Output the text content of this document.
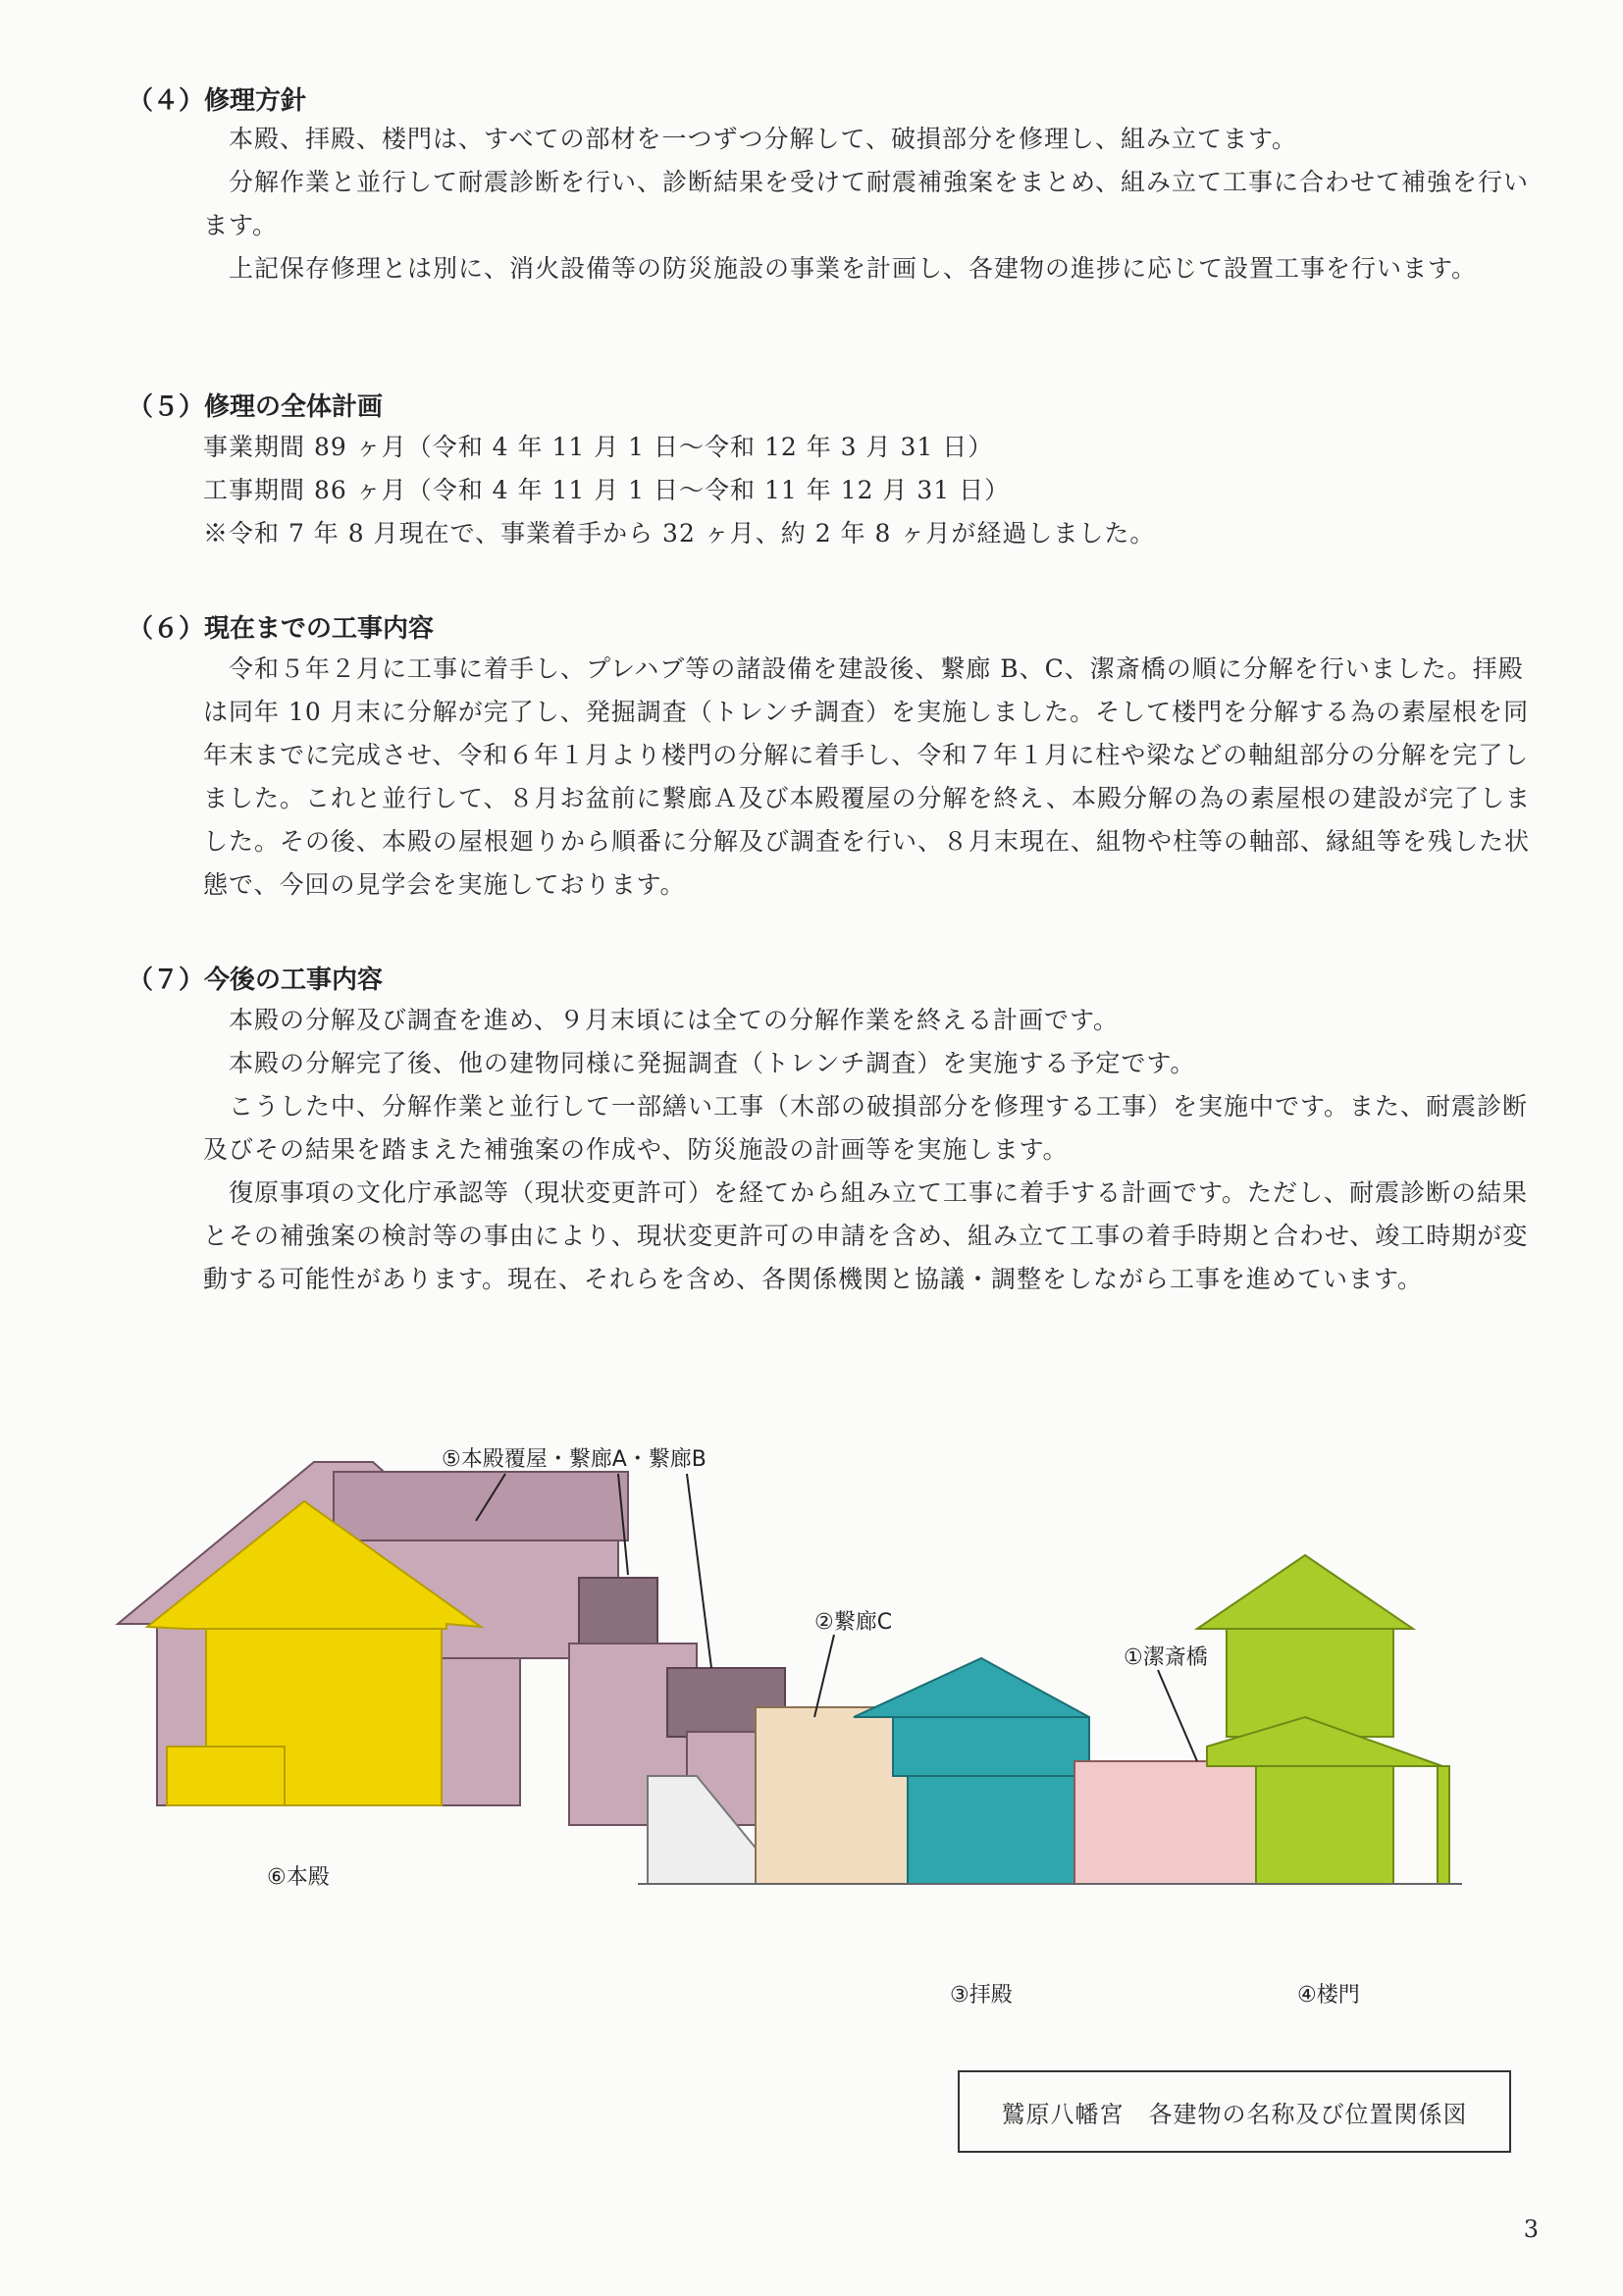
（４）修理方針

　本殿、拝殿、楼門は、すべての部材を一つずつ分解して、破損部分を修理し、組み立てます。

　分解作業と並行して耐震診断を行い、診断結果を受けて耐震補強案をまとめ、組み立て工事に合わせて補強を行います。

　上記保存修理とは別に、消火設備等の防災施設の事業を計画し、各建物の進捗に応じて設置工事を行います。

（５）修理の全体計画

事業期間 89 ヶ月（令和 4 年 11 月 1 日～令和 12 年 3 月 31 日）

工事期間 86 ヶ月（令和 4 年 11 月 1 日～令和 11 年 12 月 31 日）

※令和 7 年 8 月現在で、事業着手から 32 ヶ月、約 2 年 8 ヶ月が経過しました。

（６）現在までの工事内容

　令和５年２月に工事に着手し、プレハブ等の諸設備を建設後、繋廊 B、C、潔斎橋の順に分解を行いました。拝殿は同年 10 月末に分解が完了し、発掘調査（トレンチ調査）を実施しました。そして楼門を分解する為の素屋根を同年末までに完成させ、令和６年１月より楼門の分解に着手し、令和７年１月に柱や梁などの軸組部分の分解を完了しました。これと並行して、８月お盆前に繋廊Ａ及び本殿覆屋の分解を終え、本殿分解の為の素屋根の建設が完了しました。その後、本殿の屋根廻りから順番に分解及び調査を行い、８月末現在、組物や柱等の軸部、縁組等を残した状態で、今回の見学会を実施しております。

（７）今後の工事内容

　本殿の分解及び調査を進め、９月末頃には全ての分解作業を終える計画です。

　本殿の分解完了後、他の建物同様に発掘調査（トレンチ調査）を実施する予定です。

　こうした中、分解作業と並行して一部繕い工事（木部の破損部分を修理する工事）を実施中です。また、耐震診断及びその結果を踏まえた補強案の作成や、防災施設の計画等を実施します。

　復原事項の文化庁承認等（現状変更許可）を経てから組み立て工事に着手する計画です。ただし、耐震診断の結果とその補強案の検討等の事由により、現状変更許可の申請を含め、組み立て工事の着手時期と合わせ、竣工時期が変動する可能性があります。現在、それらを含め、各関係機関と協議・調整をしながら工事を進めています。

⑤本殿覆屋・繋廊A・繋廊B
②繋廊C
①潔斎橋
⑥本殿
③拝殿	④楼門
鷲原八幡宮　各建物の名称及び位置関係図
3
